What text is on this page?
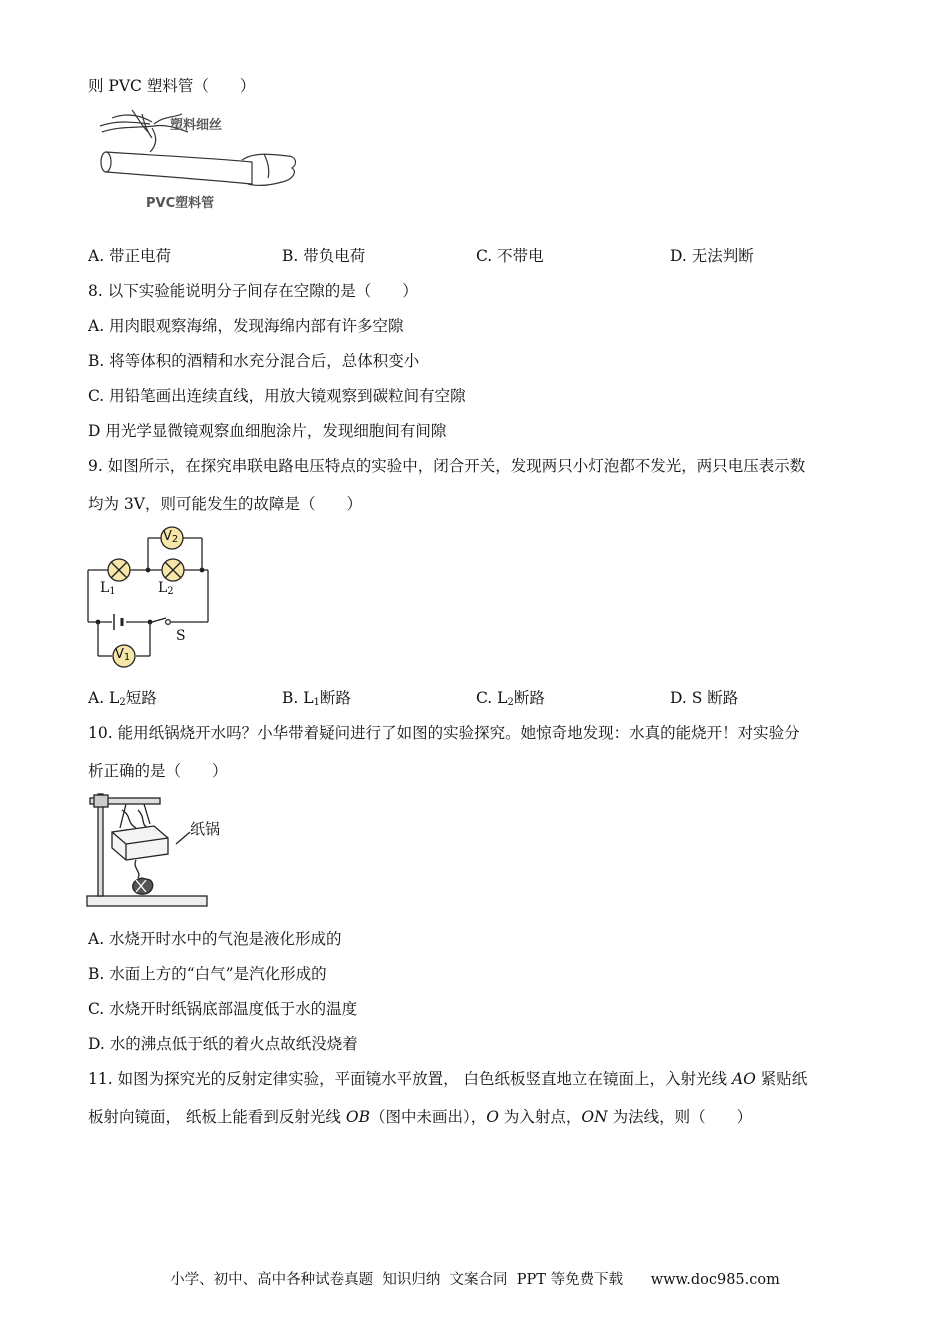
则 PVC 塑料管（　　）
塑料细丝
PVC塑料管
A. 带正电荷	B. 带负电荷	C. 不带电	D. 无法判断
8. 以下实验能说明分子间存在空隙的是（　　）
A. 用肉眼观察海绵，发现海绵内部有许多空隙
B. 将等体积的酒精和水充分混合后，总体积变小
C. 用铅笔画出连续直线，用放大镜观察到碳粒间有空隙
D 用光学显微镜观察血细胞涂片，发现细胞间有间隙
9. 如图所示，在探究串联电路电压特点的实验中，闭合开关，发现两只小灯泡都不发光，两只电压表示数
均为 3V，则可能发生的故障是（　　）
$V_2$
$V_1$
$L_1$	$L_2$
S
A. $L_2$短路	B. $L_1$断路	C. $L_2$断路	D. S 断路
10. 能用纸锅烧开水吗？小华带着疑问进行了如图的实验探究。她惊奇地发现：水真的能烧开！对实验分
析正确的是（　　）
纸锅
A. 水烧开时水中的气泡是液化形成的
B. 水面上方的“白气”是汽化形成的
C. 水烧开时纸锅底部温度低于水的温度
D. 水的沸点低于纸的着火点故纸没烧着
11. 如图为探究光的反射定律实验，平面镜水平放置， 白色纸板竖直地立在镜面上，入射光线 AO 紧贴纸
板射向镜面， 纸板上能看到反射光线 OB（图中未画出），O 为入射点，ON 为法线，则（　　）
小学、初中、高中各种试卷真题  知识归纳  文案合同  PPT 等免费下载      www.doc985.com
